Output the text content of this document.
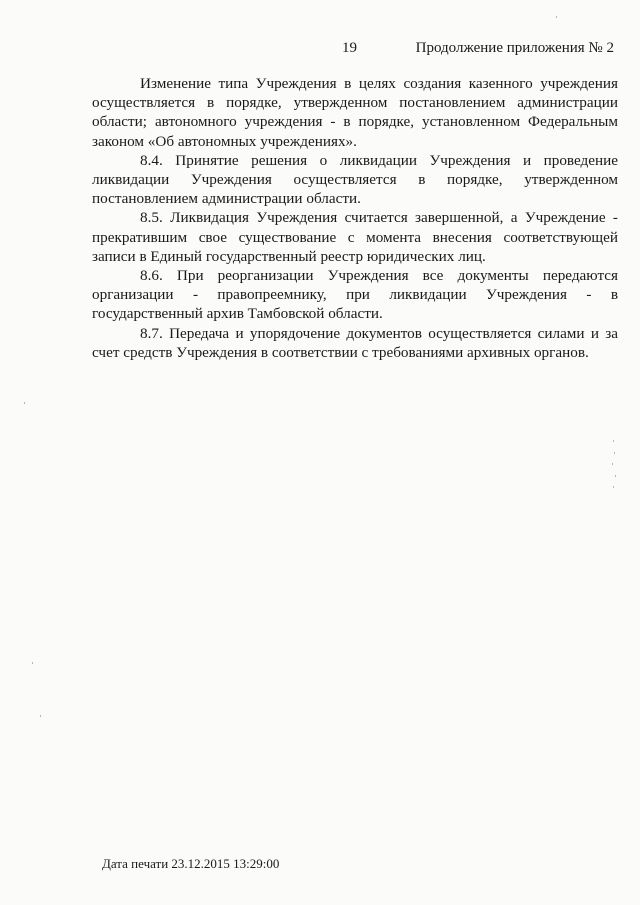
19	Продолжение приложения № 2

Изменение типа Учреждения в целях создания казенного учреждения осуществляется в порядке, утвержденном постановлением администрации области; автономного учреждения - в порядке, установленном Федеральным законом «Об автономных учреждениях».

8.4. Принятие решения о ликвидации Учреждения и проведение ликвидации Учреждения осуществляется в порядке, утвержденном постановлением администрации области.

8.5. Ликвидация Учреждения считается завершенной, а Учреждение - прекратившим свое существование с момента внесения соответствующей записи в Единый государственный реестр юридических лиц.

8.6. При реорганизации Учреждения все документы передаются организации - правопреемнику, при ликвидации Учреждения - в государственный архив Тамбовской области.

8.7. Передача и упорядочение документов осуществляется силами и за счет средств Учреждения в соответствии с требованиями архивных органов.

Дата печати 23.12.2015 13:29:00
